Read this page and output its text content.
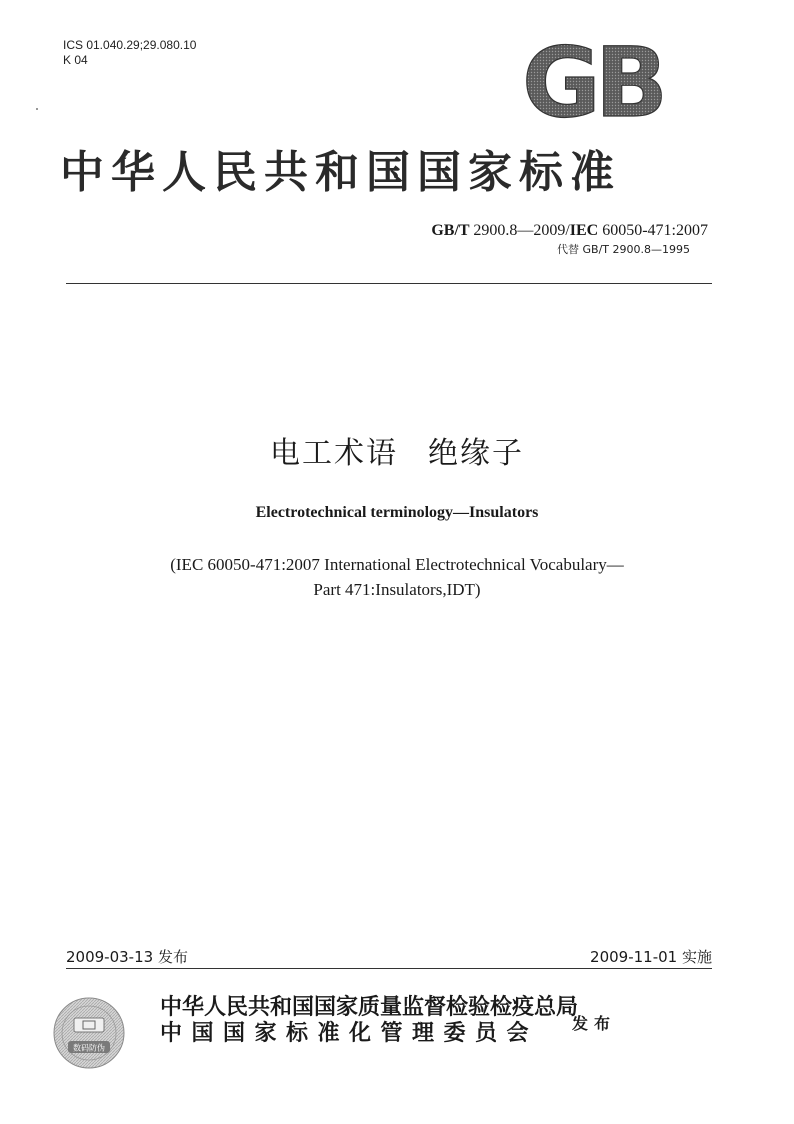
ICS 01.040.29;29.080.10
K 04	GB
中华人民共和国国家标准
GB/T 2900.8—2009/IEC 60050-471:2007
代替 GB/T 2900.8—1995
电工术语 绝缘子
Electrotechnical terminology—Insulators
(IEC 60050-471:2007 International Electrotechnical Vocabulary—
Part 471:Insulators,IDT)
2009-03-13 发布	2009-11-01 实施
数码防伪
中华人民共和国国家质量监督检验检疫总局
中国国家标准化管理委员会	发布
